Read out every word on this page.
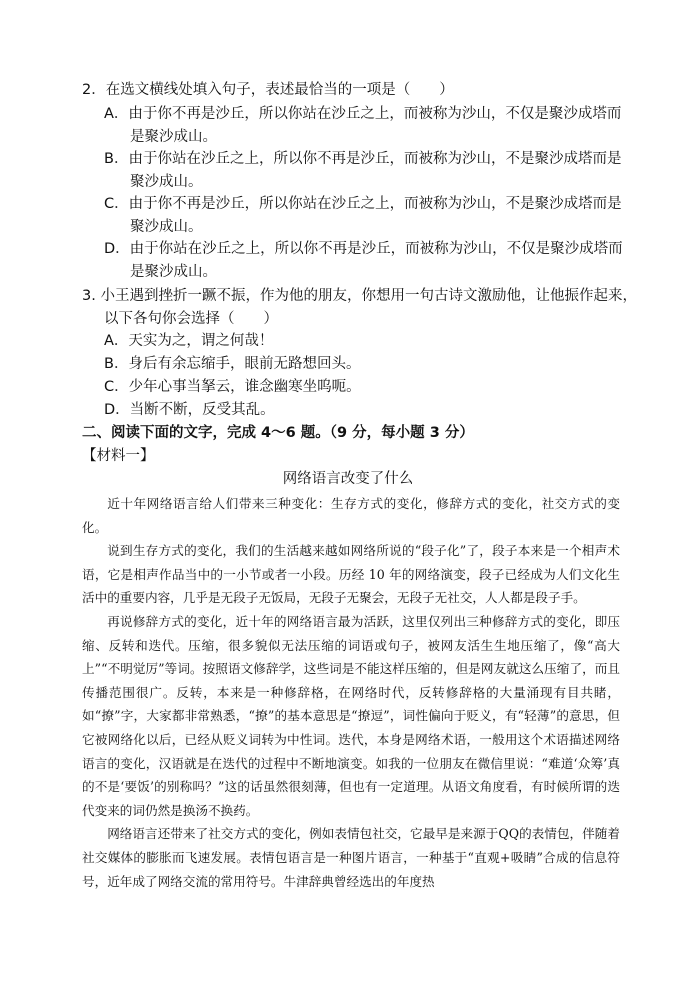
2．在选文横线处填入句子，表述最恰当的一项是（　　）
A．由于你不再是沙丘，所以你站在沙丘之上，而被称为沙山，不仅是聚沙成塔而
是聚沙成山。
B．由于你站在沙丘之上，所以你不再是沙丘，而被称为沙山，不是聚沙成塔而是
聚沙成山。
C．由于你不再是沙丘，所以你站在沙丘之上，而被称为沙山，不是聚沙成塔而是
聚沙成山。
D．由于你站在沙丘之上，所以你不再是沙丘，而被称为沙山，不仅是聚沙成塔而
是聚沙成山。
3. 小王遇到挫折一蹶不振，作为他的朋友，你想用一句古诗文激励他，让他振作起来，
以下各句你会选择（　　）
A．天实为之，谓之何哉！
B．身后有余忘缩手，眼前无路想回头。
C．少年心事当拏云，谁念幽寒坐呜呃。
D．当断不断，反受其乱。
二、阅读下面的文字，完成 4～6 题。（9 分，每小题 3 分）
【材料一】
网络语言改变了什么

近十年网络语言给人们带来三种变化：生存方式的变化，修辞方式的变化，社交方式的变化。

说到生存方式的变化，我们的生活越来越如网络所说的“段子化”了，段子本来是一个相声术语，它是相声作品当中的一小节或者一小段。历经 10 年的网络演变，段子已经成为人们文化生活中的重要内容，几乎是无段子无饭局，无段子无聚会，无段子无社交，人人都是段子手。

再说修辞方式的变化，近十年的网络语言最为活跃，这里仅列出三种修辞方式的变化，即压缩、反转和迭代。压缩，很多貌似无法压缩的词语或句子，被网友活生生地压缩了，像“高大上”“不明觉厉”等词。按照语文修辞学，这些词是不能这样压缩的，但是网友就这么压缩了，而且传播范围很广。反转，本来是一种修辞格，在网络时代，反转修辞格的大量涌现有目共睹，如“撩”字，大家都非常熟悉，“撩”的基本意思是“撩逗”，词性偏向于贬义，有“轻薄”的意思，但它被网络化以后，已经从贬义词转为中性词。迭代，本身是网络术语，一般用这个术语描述网络语言的变化，汉语就是在迭代的过程中不断地演变。如我的一位朋友在微信里说：“难道‘众筹’真的不是‘要饭’的别称吗？”这的话虽然很刻薄，但也有一定道理。从语文角度看，有时候所谓的迭代变来的词仍然是换汤不换药。

网络语言还带来了社交方式的变化，例如表情包社交，它最早是来源于QQ的表情包，伴随着社交媒体的膨胀而飞速发展。表情包语言是一种图片语言，一种基于“直观+吸睛”合成的信息符号，近年成了网络交流的常用符号。牛津辞典曾经选出的年度热
